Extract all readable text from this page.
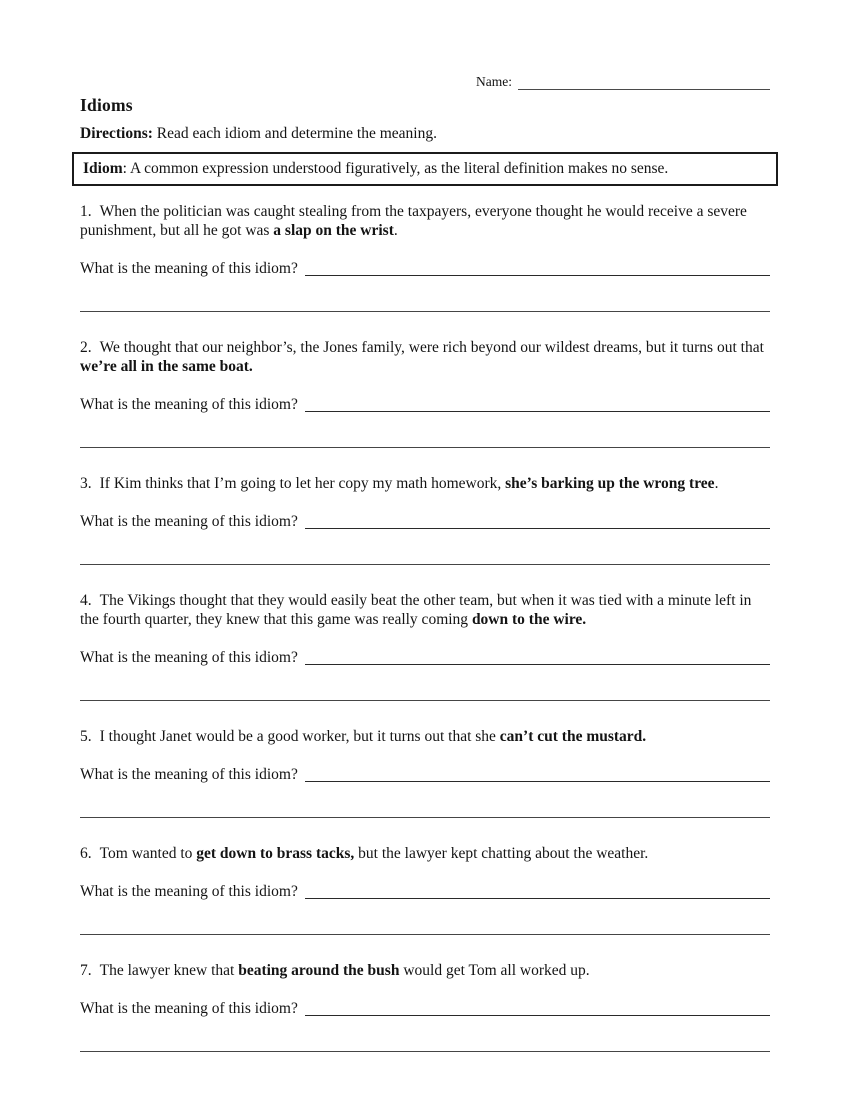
Name:
Idioms
Directions: Read each idiom and determine the meaning.
Idiom: A common expression understood figuratively, as the literal definition makes no sense.
1. When the politician was caught stealing from the taxpayers, everyone thought he would receive a severe punishment, but all he got was a slap on the wrist.
What is the meaning of this idiom?
2. We thought that our neighbor’s, the Jones family, were rich beyond our wildest dreams, but it turns out that we’re all in the same boat.
What is the meaning of this idiom?
3. If Kim thinks that I’m going to let her copy my math homework, she’s barking up the wrong tree.
What is the meaning of this idiom?
4. The Vikings thought that they would easily beat the other team, but when it was tied with a minute left in the fourth quarter, they knew that this game was really coming down to the wire.
What is the meaning of this idiom?
5. I thought Janet would be a good worker, but it turns out that she can’t cut the mustard.
What is the meaning of this idiom?
6. Tom wanted to get down to brass tacks, but the lawyer kept chatting about the weather.
What is the meaning of this idiom?
7. The lawyer knew that beating around the bush would get Tom all worked up.
What is the meaning of this idiom?
